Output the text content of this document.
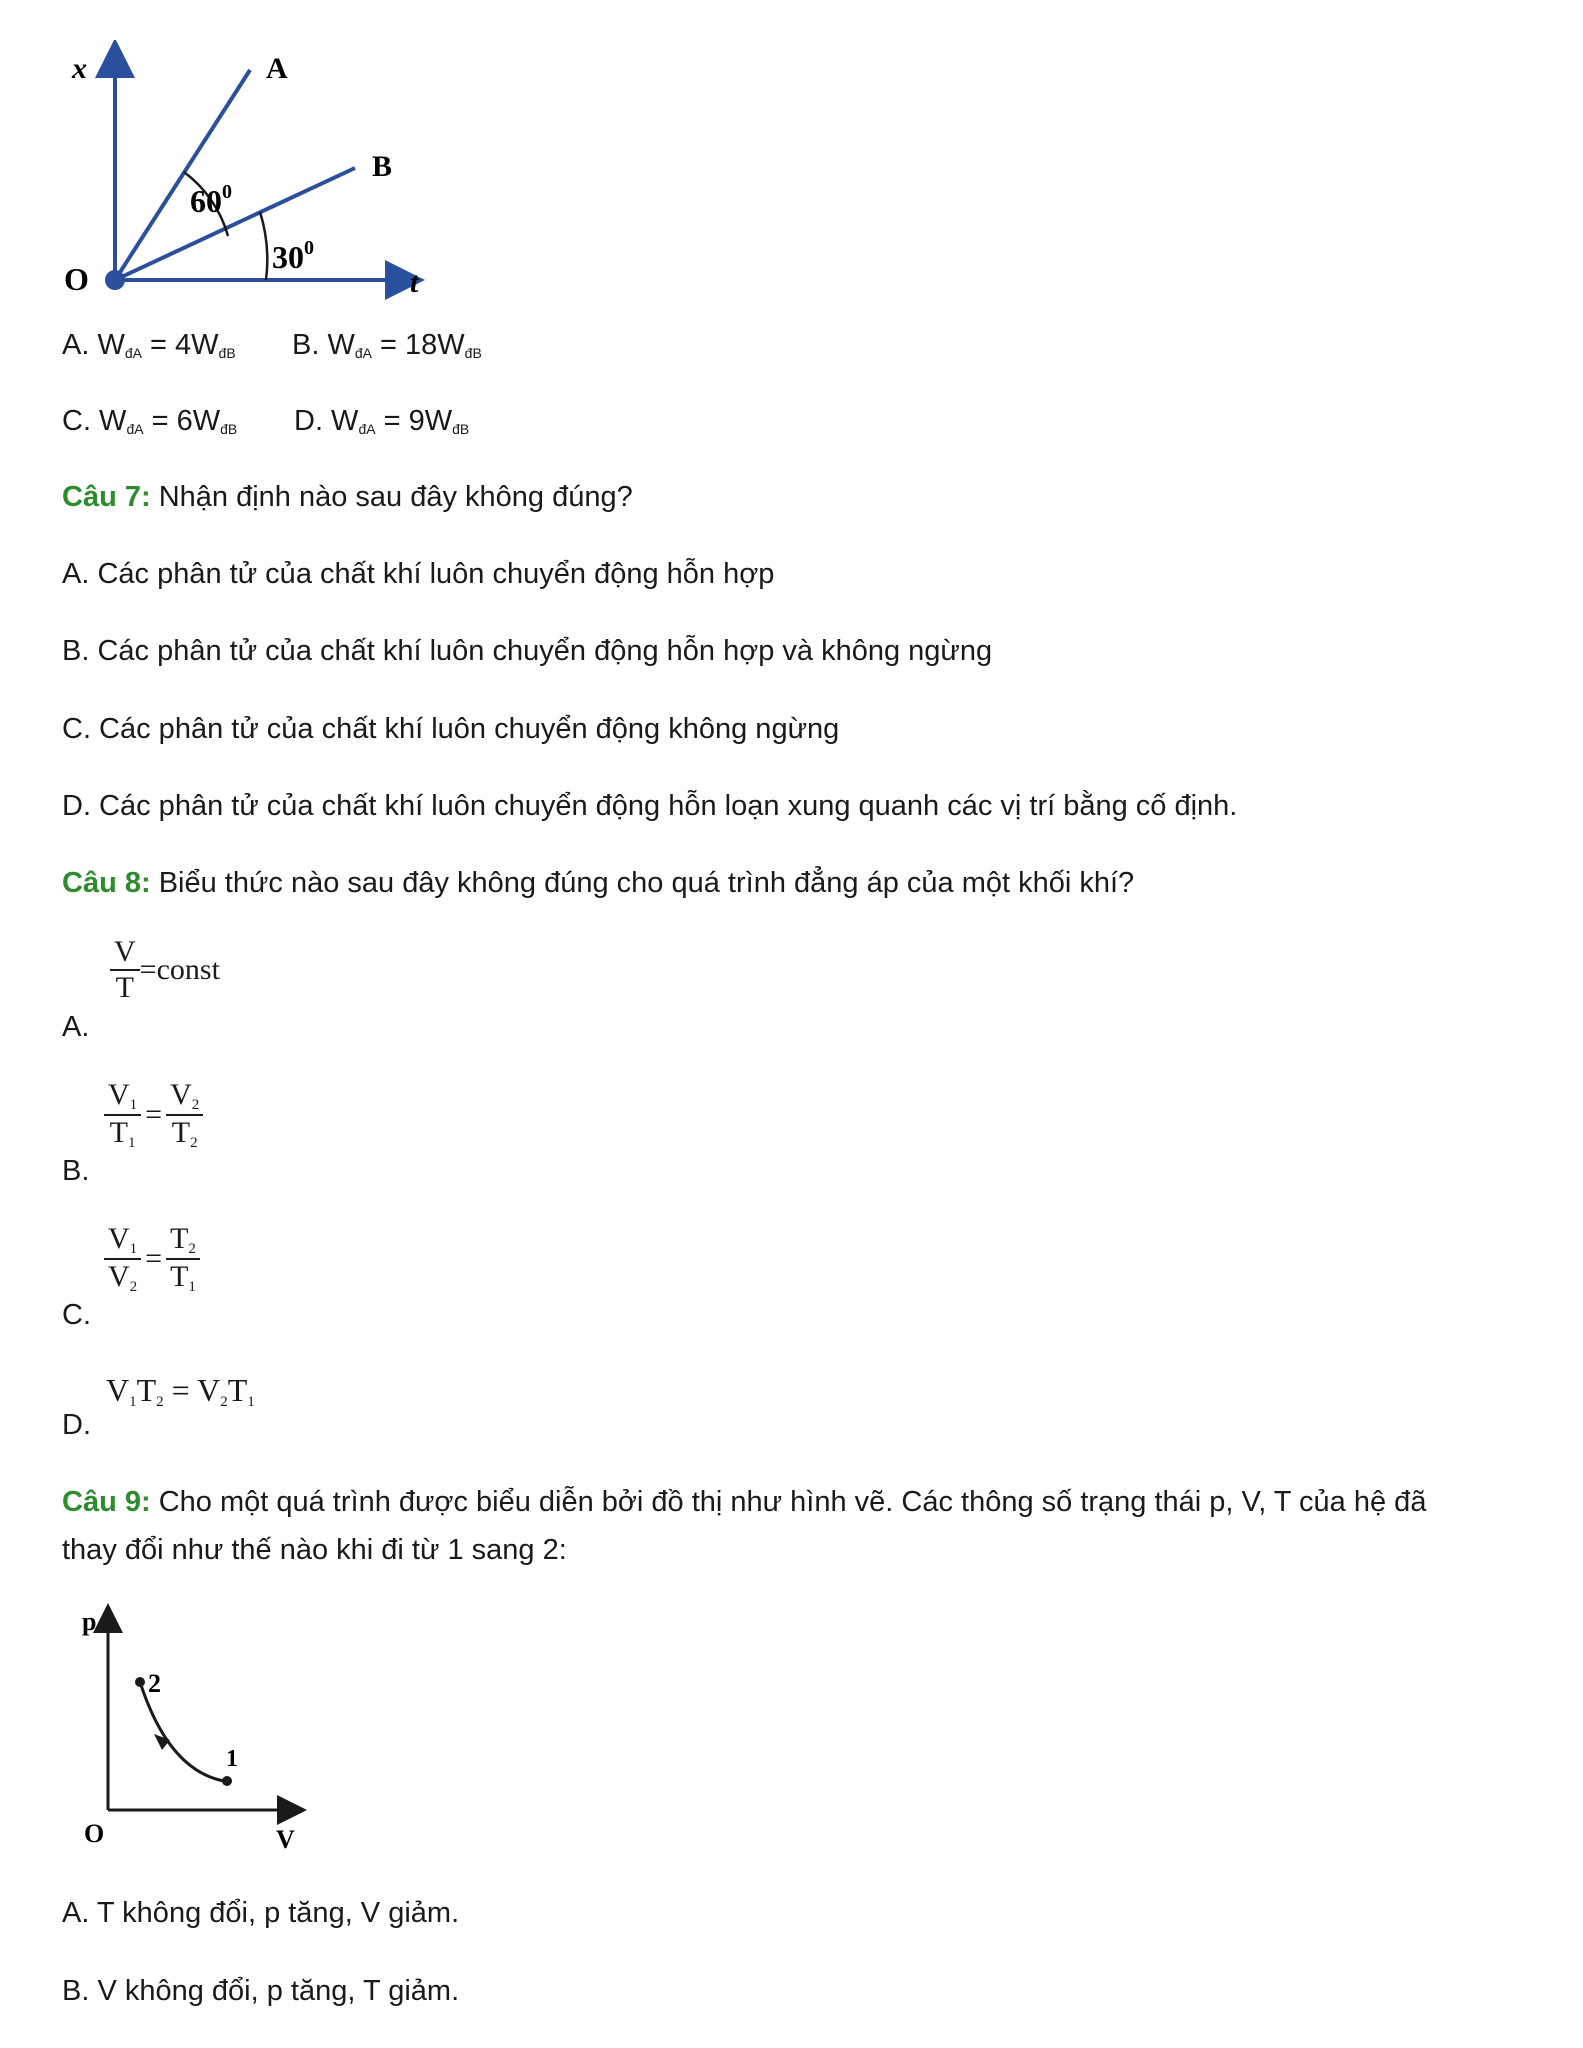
x	A
B
O	t
$60^0$
$30^0$
A. $W_{đA} = 4W_{đB}$ B. $W_{đA} = 18W_{đB}$
C. $W_{đA} = 6W_{đB}$ D. $W_{đA} = 9W_{đB}$
Câu 7: Nhận định nào sau đây không đúng?
A. Các phân tử của chất khí luôn chuyển động hỗn hợp
B. Các phân tử của chất khí luôn chuyển động hỗn hợp và không ngừng
C. Các phân tử của chất khí luôn chuyển động không ngừng
D. Các phân tử của chất khí luôn chuyển động hỗn loạn xung quanh các vị trí bằng cố định.
Câu 8: Biểu thức nào sau đây không đúng cho quá trình đẳng áp của một khối khí?
A.
$\frac{V}{T}$ =const
B.
$\frac{V1}{T1} = \frac{V2}{T2}$
C.
$\frac{V1}{V2} = \frac{T2}{T1}$
D.
V1T2 = V2T1
Câu 9: Cho một quá trình được biểu diễn bởi đồ thị như hình vẽ. Các thông số trạng thái p, V, T của hệ đã
thay đổi như thế nào khi đi từ 1 sang 2:
p
2
1
O	V
A. T không đổi, p tăng, V giảm.
B. V không đổi, p tăng, T giảm.
